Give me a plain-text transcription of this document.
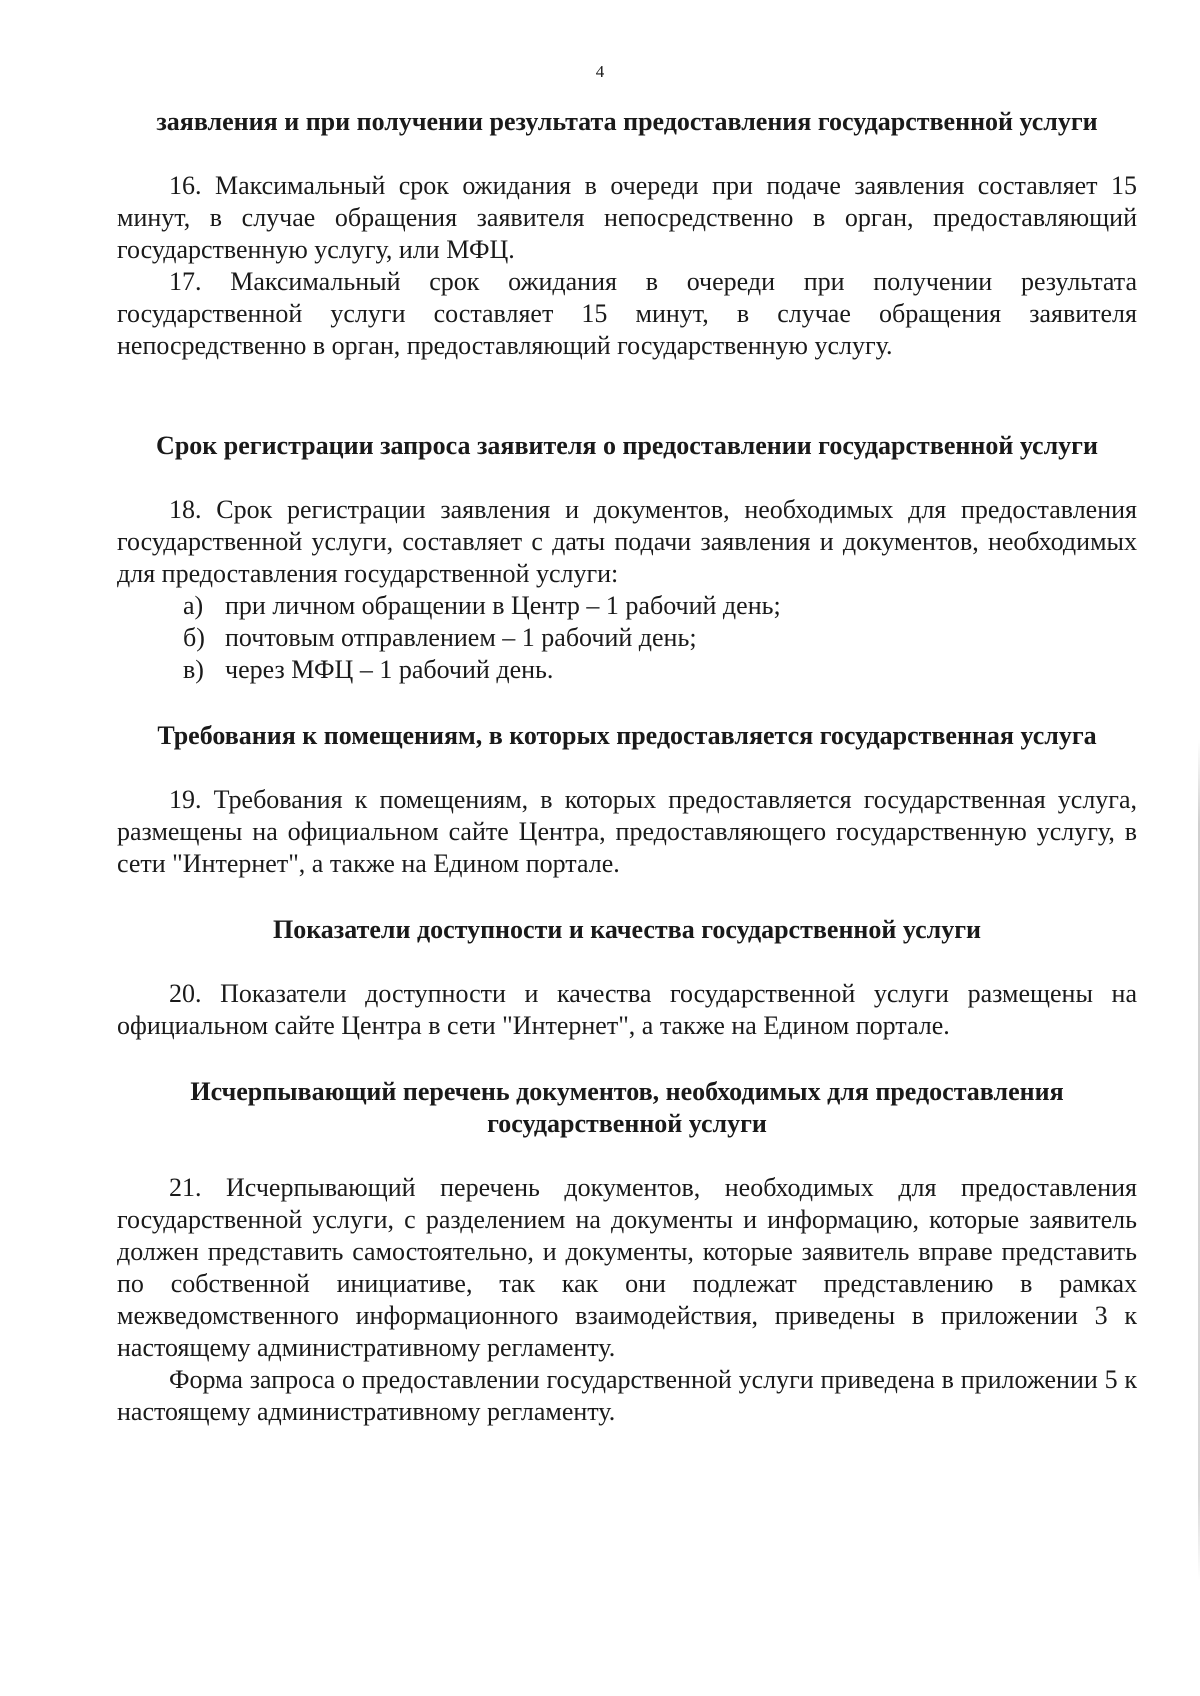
4

заявления и при получении результата предоставления государственной услуги

16. Максимальный срок ожидания в очереди при подаче заявления составляет 15 минут, в случае обращения заявителя непосредственно в орган, предоставляющий государственную услугу, или МФЦ.

17. Максимальный срок ожидания в очереди при получении результата государственной услуги составляет 15 минут, в случае обращения заявителя непосредственно в орган, предоставляющий государственную услугу.

Срок регистрации запроса заявителя о предоставлении государственной услуги

18. Срок регистрации заявления и документов, необходимых для предоставления государственной услуги, составляет с даты подачи заявления и документов, необходимых для предоставления государственной услуги:

а) при личном обращении в Центр – 1 рабочий день;

б) почтовым отправлением – 1 рабочий день;

в) через МФЦ – 1 рабочий день.

Требования к помещениям, в которых предоставляется государственная услуга

19. Требования к помещениям, в которых предоставляется государственная услуга, размещены на официальном сайте Центра, предоставляющего государственную услугу, в сети "Интернет", а также на Едином портале.

Показатели доступности и качества государственной услуги

20. Показатели доступности и качества государственной услуги размещены на официальном сайте Центра в сети "Интернет", а также на Едином портале.

Исчерпывающий перечень документов, необходимых для предоставления государственной услуги

21. Исчерпывающий перечень документов, необходимых для предоставления государственной услуги, с разделением на документы и информацию, которые заявитель должен представить самостоятельно, и документы, которые заявитель вправе представить по собственной инициативе, так как они подлежат представлению в рамках межведомственного информационного взаимодействия, приведены в приложении 3 к настоящему административному регламенту.

Форма запроса о предоставлении государственной услуги приведена в приложении 5 к настоящему административному регламенту.
